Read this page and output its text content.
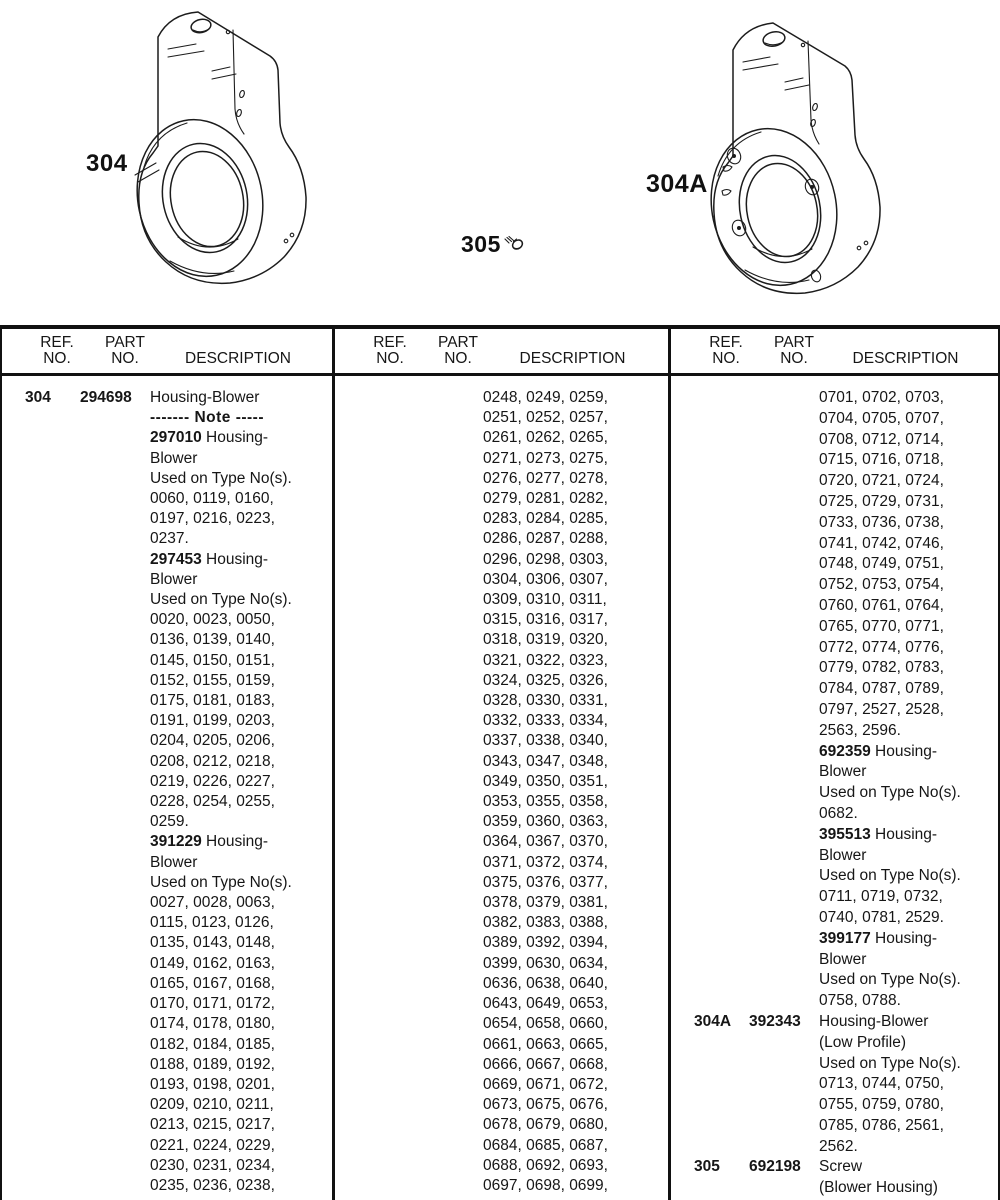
304
305
304A
REF.
NO.
PART
NO.	DESCRIPTION
304	294698	Housing-Blower
------- Note -----
297010 Housing-
Blower
Used on Type No(s).
0060, 0119, 0160,
0197, 0216, 0223,
0237.
297453 Housing-
Blower
Used on Type No(s).
0020, 0023, 0050,
0136, 0139, 0140,
0145, 0150, 0151,
0152, 0155, 0159,
0175, 0181, 0183,
0191, 0199, 0203,
0204, 0205, 0206,
0208, 0212, 0218,
0219, 0226, 0227,
0228, 0254, 0255,
0259.
391229 Housing-
Blower
Used on Type No(s).
0027, 0028, 0063,
0115, 0123, 0126,
0135, 0143, 0148,
0149, 0162, 0163,
0165, 0167, 0168,
0170, 0171, 0172,
0174, 0178, 0180,
0182, 0184, 0185,
0188, 0189, 0192,
0193, 0198, 0201,
0209, 0210, 0211,
0213, 0215, 0217,
0221, 0224, 0229,
0230, 0231, 0234,
0235, 0236, 0238,
REF.
NO.
PART
NO.	DESCRIPTION
0248, 0249, 0259,
0251, 0252, 0257,
0261, 0262, 0265,
0271, 0273, 0275,
0276, 0277, 0278,
0279, 0281, 0282,
0283, 0284, 0285,
0286, 0287, 0288,
0296, 0298, 0303,
0304, 0306, 0307,
0309, 0310, 0311,
0315, 0316, 0317,
0318, 0319, 0320,
0321, 0322, 0323,
0324, 0325, 0326,
0328, 0330, 0331,
0332, 0333, 0334,
0337, 0338, 0340,
0343, 0347, 0348,
0349, 0350, 0351,
0353, 0355, 0358,
0359, 0360, 0363,
0364, 0367, 0370,
0371, 0372, 0374,
0375, 0376, 0377,
0378, 0379, 0381,
0382, 0383, 0388,
0389, 0392, 0394,
0399, 0630, 0634,
0636, 0638, 0640,
0643, 0649, 0653,
0654, 0658, 0660,
0661, 0663, 0665,
0666, 0667, 0668,
0669, 0671, 0672,
0673, 0675, 0676,
0678, 0679, 0680,
0684, 0685, 0687,
0688, 0692, 0693,
0697, 0698, 0699,
REF.
NO.
PART
NO.	DESCRIPTION
0701, 0702, 0703,
0704, 0705, 0707,
0708, 0712, 0714,
0715, 0716, 0718,
0720, 0721, 0724,
0725, 0729, 0731,
0733, 0736, 0738,
0741, 0742, 0746,
0748, 0749, 0751,
0752, 0753, 0754,
0760, 0761, 0764,
0765, 0770, 0771,
0772, 0774, 0776,
0779, 0782, 0783,
0784, 0787, 0789,
0797, 2527, 2528,
2563, 2596.
692359 Housing-
Blower
Used on Type No(s).
0682.
395513 Housing-
Blower
Used on Type No(s).
0711, 0719, 0732,
0740, 0781, 2529.
399177 Housing-
Blower
Used on Type No(s).
0758, 0788.
304A	392343	Housing-Blower
(Low Profile)
Used on Type No(s).
0713, 0744, 0750,
0755, 0759, 0780,
0785, 0786, 2561,
2562.
305	692198	Screw
(Blower Housing)
